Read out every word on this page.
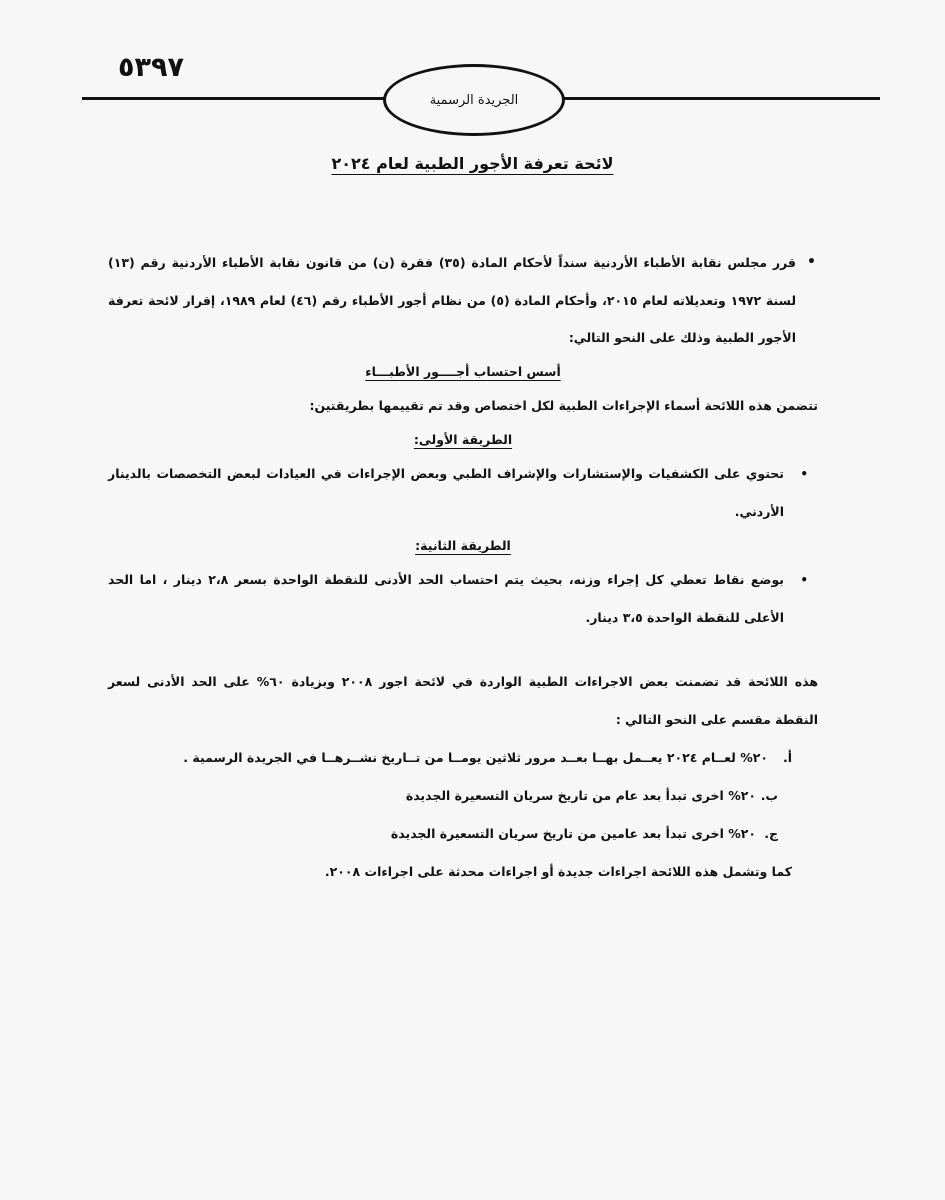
٥٣٩٧
الجريدة الرسمية
لائحة تعرفة الأجور الطبية لعام ٢٠٢٤
•
قرر مجلس نقابة الأطباء الأردنية سنداً لأحكام المادة (٣٥) فقرة (ن) من قانون نقابة الأطباء الأردنية رقم (١٣) لسنة ١٩٧٢ وتعديلاته لعام ٢٠١٥، وأحكام المادة (٥) من نظام أجور الأطباء رقم (٤٦) لعام ١٩٨٩، إقرار لائحة تعرفة الأجور الطبية وذلك على النحو التالي:
أسس احتساب أجــــور الأطبـــاء
تتضمن هذه اللائحة أسماء الإجراءات الطبية لكل اختصاص وقد تم تقييمها بطريقتين:
الطريقة الأولى:
•
تحتوي على الكشفيات والإستشارات والإشراف الطبي وبعض الإجراءات في العيادات لبعض التخصصات بالدينار الأردني.
الطريقة الثانية:
•
بوضع نقاط تعطي كل إجراء وزنه، بحيث يتم احتساب الحد الأدنى للنقطة الواحدة بسعر ٢،٨ دينار ، اما الحد الأعلى للنقطة الواحدة ٣،٥ دينار.
هذه اللائحة قد تضمنت بعض الاجراءات الطبية الواردة في لائحة اجور ٢٠٠٨ وبزيادة ٦٠% على الحد الأدنى لسعر النقطة مقسم على النحو التالي :
أ.
٢٠% لعــام ٢٠٢٤ يعــمل بهــا بعــد مرور ثلاثين يومــا من تــاريخ نشــرهــا في الجريدة الرسمية .
ب.
٢٠% اخرى تبدأ بعد عام من تاريخ سريان التسعيرة الجديدة
ج.
٢٠% اخرى تبدأ بعد عامين من تاريخ سريان التسعيرة الجديدة
كما وتشمل هذه اللائحة اجراءات جديدة أو اجراءات محدثة على اجراءات ٢٠٠٨.
